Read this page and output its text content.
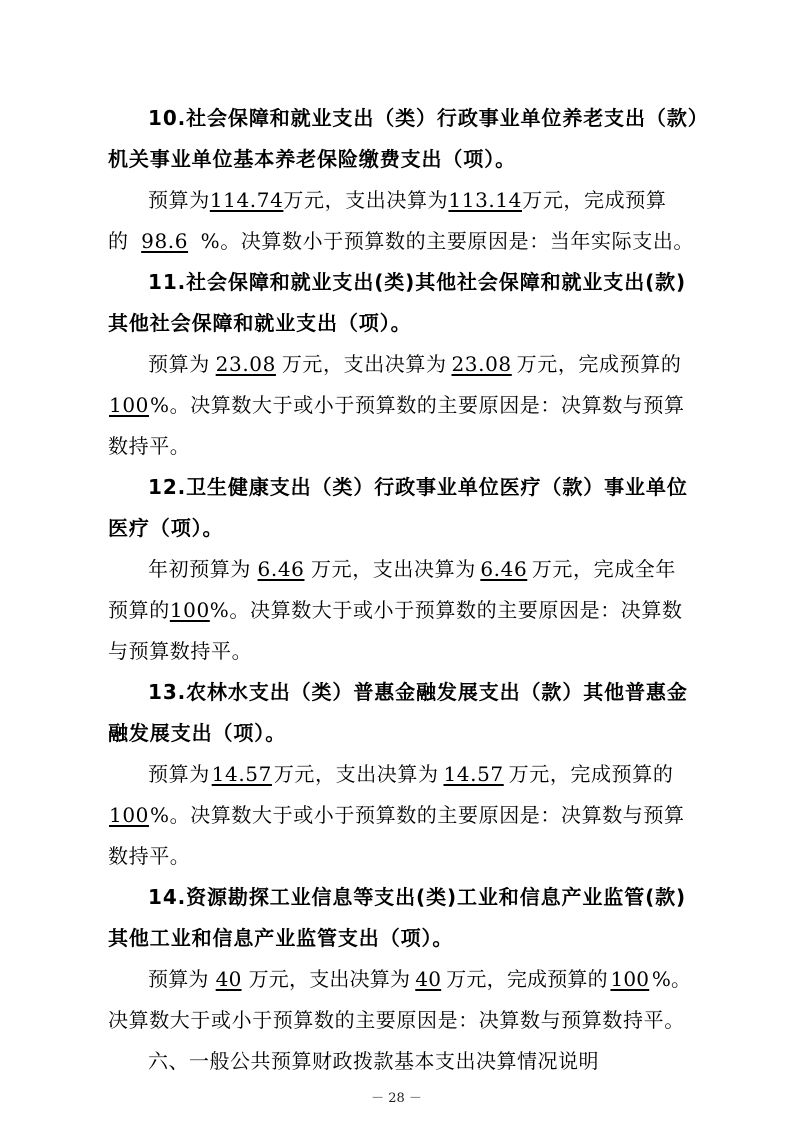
10.社会保障和就业支出（类）行政事业单位养老支出（款）
机关事业单位基本养老保险缴费支出（项）。
预算为114.74万元，支出决算为113.14万元，完成预算
的 98.6 %。决算数小于预算数的主要原因是：当年实际支出。
11.社会保障和就业支出(类)其他社会保障和就业支出(款)
其他社会保障和就业支出（项）。
预算为 23.08 万元，支出决算为 23.08 万元，完成预算的
100%。决算数大于或小于预算数的主要原因是：决算数与预算
数持平。
12.卫生健康支出（类）行政事业单位医疗（款）事业单位
医疗（项）。
年初预算为 6.46 万元，支出决算为 6.46 万元，完成全年
预算的100%。决算数大于或小于预算数的主要原因是：决算数
与预算数持平。
13.农林水支出（类）普惠金融发展支出（款）其他普惠金
融发展支出（项）。
预算为14.57万元，支出决算为 14.57 万元，完成预算的
100%。决算数大于或小于预算数的主要原因是：决算数与预算
数持平。
14.资源勘探工业信息等支出(类)工业和信息产业监管(款)
其他工业和信息产业监管支出（项）。
预算为 40 万元，支出决算为 40 万元，完成预算的 100 %。
决算数大于或小于预算数的主要原因是：决算数与预算数持平。
六、一般公共预算财政拨款基本支出决算情况说明
－ 28 －
